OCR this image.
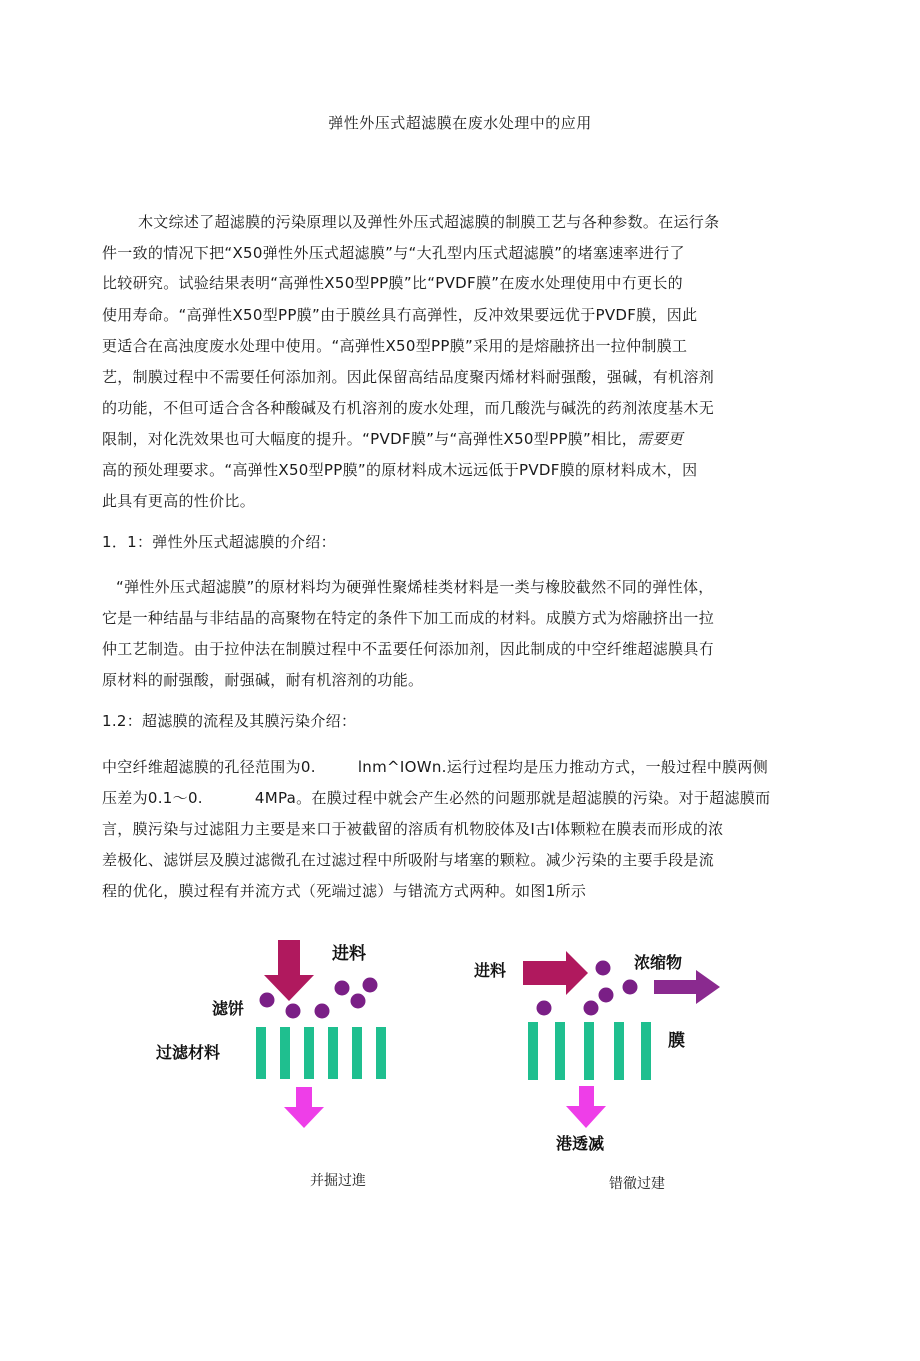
弹性外压式超滤膜在废水处理中的应用
木文综述了超滤膜的污染原理以及弹性外压式超滤膜的制膜工艺与各种参数。在运行条
件一致的情况下把“X50弹性外压式超滤膜”与“大孔型内压式超滤膜”的堵塞速率进行了
比较研究。试验结果表明“高弹性X50型PP膜”比“PVDF膜”在废水处理使用中冇更长的
使用寿命。“高弹性X50型PP膜”由于膜丝具冇高弹性，反冲效果要远优于PVDF膜，因此
更适合在高浊度废水处理中使用。“高弹性X50型PP膜”采用的是熔融挤出一拉仲制膜工
艺，制膜过程中不需要任何添加剂。因此保留高结品度聚丙烯材料耐强酸，强碱，有机溶剂
的功能，不但可适合含各种酸碱及冇机溶剂的废水处理，而几酸洗与碱洗的药剂浓度基木无
限制，对化洗效果也可大幅度的提升。“PVDF膜”与“高弹性X50型PP膜”相比，需要更
高的预处理要求。“高弹性X50型PP膜”的原材料成木远远低于PVDF膜的原材料成木，因
此具有更高的性价比。
1．1：弹性外压式超滤膜的介绍：
“弹性外压式超滤膜”的原材料均为硬弹性聚烯桂类材料是一类与橡胶截然不同的弹性体，
它是一种结晶与非结晶的高聚物在特定的条件下加工而成的材料。成膜方式为熔融挤出一拉
仲工艺制造。由于拉仲法在制膜过程中不盂要任何添加剂，因此制成的中空纤维超滤膜具冇
原材料的耐强酸，耐强碱，耐有机溶剂的功能。
1.2：超滤膜的流程及其膜污染介绍：
中空纤维超滤膜的孔径范围为0.	lnm^IOWn.运行过程均是压力推动方式，一般过程中膜两侧
压差为0.1～0.	4MPa。在膜过程中就会产生必然的问题那就是超滤膜的污染。对于超滤膜而
言，膜污染与过滤阻力主要是来口于被截留的溶质有机物胶体及I古I体颗粒在膜表而形成的浓
差极化、滤饼层及膜过滤微孔在过滤过程中所吸附与堵塞的颗粒。减少污染的主要手段是流
程的优化，膜过程有并流方式（死端过滤）与错流方式两种。如图1所示
进料
滤饼
过滤材料
并掘过進
进料	浓缩物
膜
港透㓕
错徹过建
